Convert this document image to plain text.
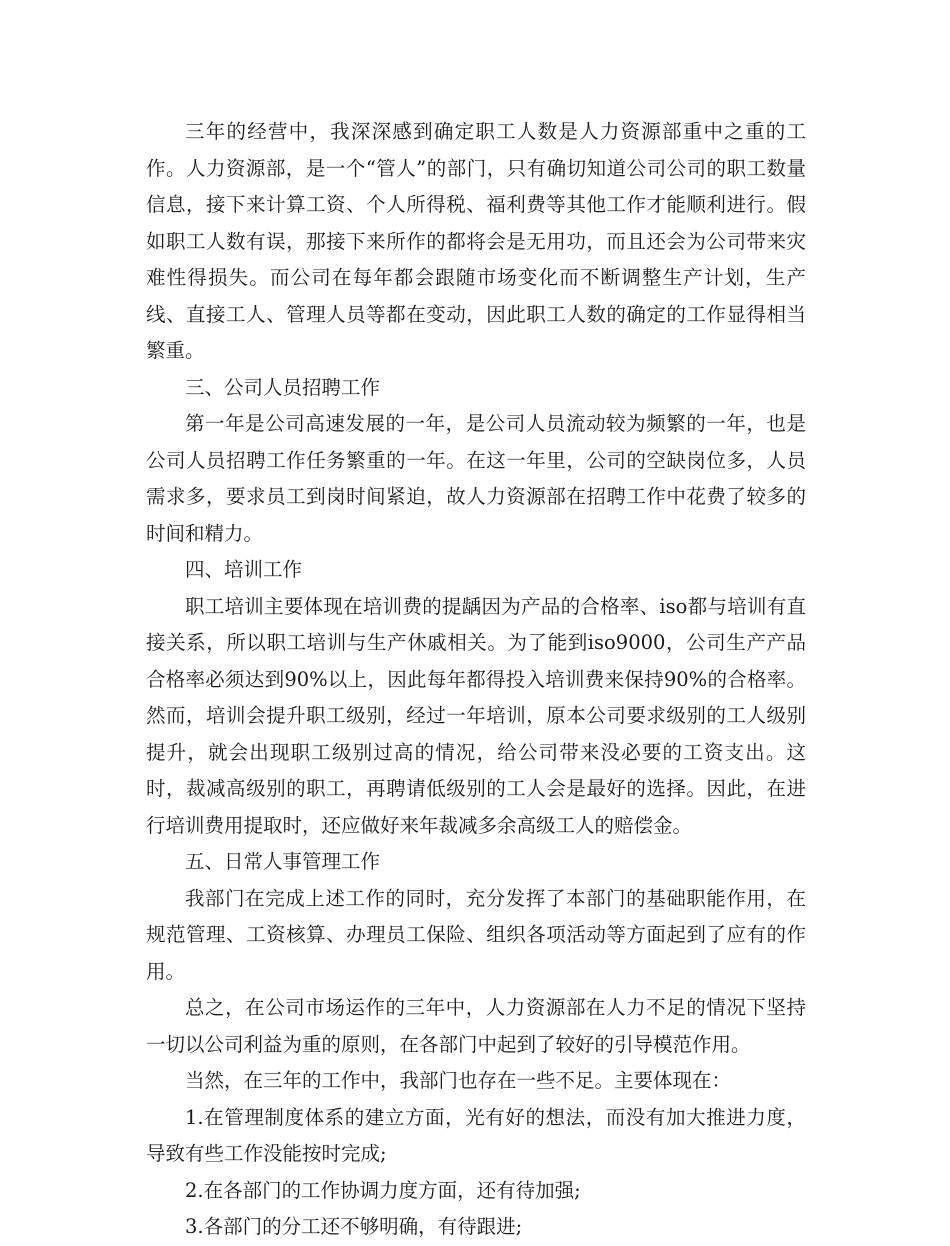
三年的经营中，我深深感到确定职工人数是人力资源部重中之重的工作。人力资源部，是一个“管人”的部门，只有确切知道公司公司的职工数量信息，接下来计算工资、个人所得税、福利费等其他工作才能顺利进行。假如职工人数有误，那接下来所作的都将会是无用功，而且还会为公司带来灾难性得损失。而公司在每年都会跟随市场变化而不断调整生产计划，生产线、直接工人、管理人员等都在变动，因此职工人数的确定的工作显得相当繁重。

三、公司人员招聘工作

第一年是公司高速发展的一年，是公司人员流动较为频繁的一年，也是公司人员招聘工作任务繁重的一年。在这一年里，公司的空缺岗位多，人员需求多，要求员工到岗时间紧迫，故人力资源部在招聘工作中花费了较多的时间和精力。

四、培训工作

职工培训主要体现在培训费的提龋因为产品的合格率、iso都与培训有直接关系，所以职工培训与生产休戚相关。为了能到iso9000，公司生产产品合格率必须达到90%以上，因此每年都得投入培训费来保持90%的合格率。然而，培训会提升职工级别，经过一年培训，原本公司要求级别的工人级别提升，就会出现职工级别过高的情况，给公司带来没必要的工资支出。这时，裁减高级别的职工，再聘请低级别的工人会是最好的选择。因此，在进行培训费用提取时，还应做好来年裁减多余高级工人的赔偿金。

五、日常人事管理工作

我部门在完成上述工作的同时，充分发挥了本部门的基础职能作用，在规范管理、工资核算、办理员工保险、组织各项活动等方面起到了应有的作用。

总之，在公司市场运作的三年中，人力资源部在人力不足的情况下坚持一切以公司利益为重的原则，在各部门中起到了较好的引导模范作用。

当然，在三年的工作中，我部门也存在一些不足。主要体现在：

1.在管理制度体系的建立方面，光有好的想法，而没有加大推进力度，导致有些工作没能按时完成;

2.在各部门的工作协调力度方面，还有待加强;

3.各部门的分工还不够明确，有待跟进;
